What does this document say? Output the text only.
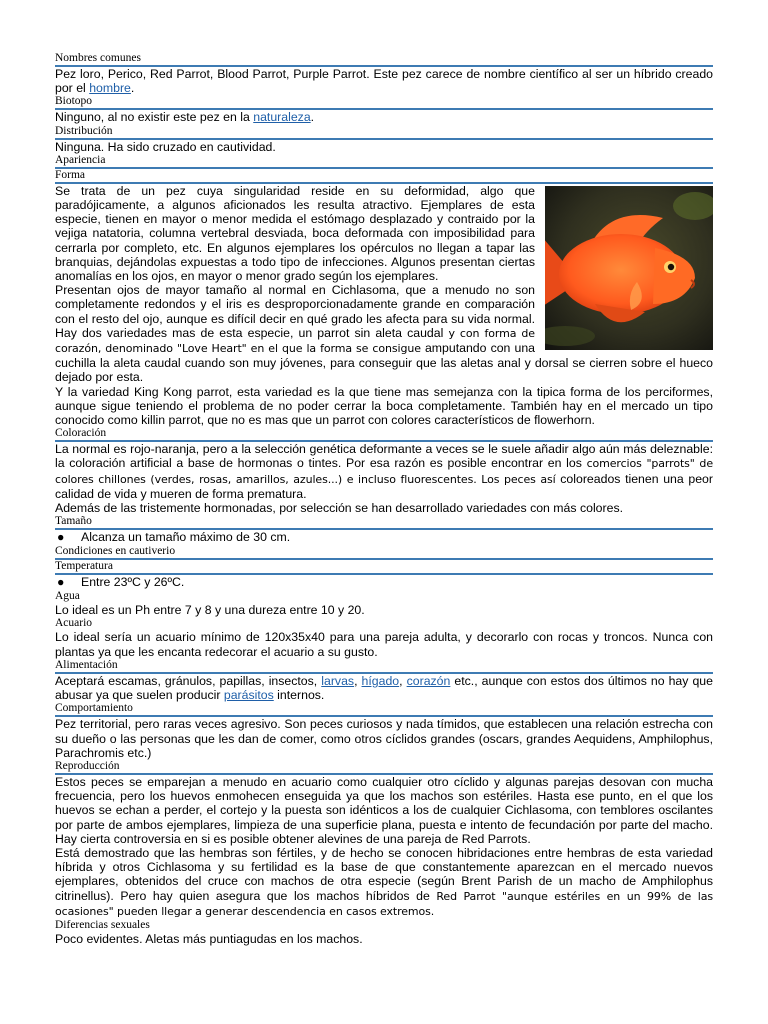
Nombres comunes

Pez loro, Perico, Red Parrot, Blood Parrot, Purple Parrot. Este pez carece de nombre científico al ser un híbrido creado por el hombre.

Biotopo

Ninguno, al no existir este pez en la naturaleza.

Distribución

Ninguna. Ha sido cruzado en cautividad.

Apariencia
Forma

Se trata de un pez cuya singularidad reside en su deformidad, algo que paradójicamente, a algunos aficionados les resulta atractivo. Ejemplares de esta especie, tienen en mayor o menor medida el estómago desplazado y contraido por la vejiga natatoria, columna vertebral desviada, boca deformada con imposibilidad para cerrarla por completo, etc. En algunos ejemplares los opérculos no llegan a tapar las branquias, dejándolas expuestas a todo tipo de infecciones. Algunos presentan ciertas anomalías en los ojos, en mayor o menor grado según los ejemplares.

Presentan ojos de mayor tamaño al normal en Cichlasoma, que a menudo no son completamente redondos y el iris es desproporcionadamente grande en comparación con el resto del ojo, aunque es difícil decir en qué grado les afecta para su vida normal. Hay dos variedades mas de esta especie, un parrot sin aleta caudal y con forma de corazón, denominado "Love Heart" en el que la forma se consigue amputando con una cuchilla la aleta caudal cuando son muy jóvenes, para conseguir que las aletas anal y dorsal se cierren sobre el hueco dejado por esta.

Y la variedad King Kong parrot, esta variedad es la que tiene mas semejanza con la tipica forma de los perciformes, aunque sigue teniendo el problema de no poder cerrar la boca completamente. También hay en el mercado un tipo conocido como killin parrot, que no es mas que un parrot con colores característicos de flowerhorn.

Coloración

La normal es rojo-naranja, pero a la selección genética deformante a veces se le suele añadir algo aún más deleznable: la coloración artificial a base de hormonas o tintes. Por esa razón es posible encontrar en los comercios "parrots" de colores chillones (verdes, rosas, amarillos, azules...) e incluso fluorescentes. Los peces así coloreados tienen una peor calidad de vida y mueren de forma prematura.

Además de las tristemente hormonadas, por selección se han desarrollado variedades con más colores.

Tamaño

● Alcanza un tamaño máximo de 30 cm.

Condiciones en cautiverio
Temperatura

● Entre 23ºC y 26ºC.

Agua

Lo ideal es un Ph entre 7 y 8 y una dureza entre 10 y 20.

Acuario

Lo ideal sería un acuario mínimo de 120x35x40 para una pareja adulta, y decorarlo con rocas y troncos. Nunca con plantas ya que les encanta redecorar el acuario a su gusto.

Alimentación

Aceptará escamas, gránulos, papillas, insectos, larvas, hígado, corazón etc., aunque con estos dos últimos no hay que abusar ya que suelen producir parásitos internos.

Comportamiento

Pez territorial, pero raras veces agresivo. Son peces curiosos y nada tímidos, que establecen una relación estrecha con su dueño o las personas que les dan de comer, como otros cíclidos grandes (oscars, grandes Aequidens, Amphilophus, Parachromis etc.)

Reproducción

Estos peces se emparejan a menudo en acuario como cualquier otro cíclido y algunas parejas desovan con mucha frecuencia, pero los huevos enmohecen enseguida ya que los machos son estériles. Hasta ese punto, en el que los huevos se echan a perder, el cortejo y la puesta son idénticos a los de cualquier Cichlasoma, con temblores oscilantes por parte de ambos ejemplares, limpieza de una superficie plana, puesta e intento de fecundación por parte del macho. Hay cierta controversia en si es posible obtener alevines de una pareja de Red Parrots.

Está demostrado que las hembras son fértiles, y de hecho se conocen hibridaciones entre hembras de esta variedad híbrida y otros Cichlasoma y su fertilidad es la base de que constantemente aparezcan en el mercado nuevos ejemplares, obtenidos del cruce con machos de otra especie (según Brent Parish de un macho de Amphilophus citrinellus). Pero hay quien asegura que los machos híbridos de Red Parrot "aunque estériles en un 99% de las ocasiones" pueden llegar a generar descendencia en casos extremos.

Diferencias sexuales

Poco evidentes. Aletas más puntiagudas en los machos.
